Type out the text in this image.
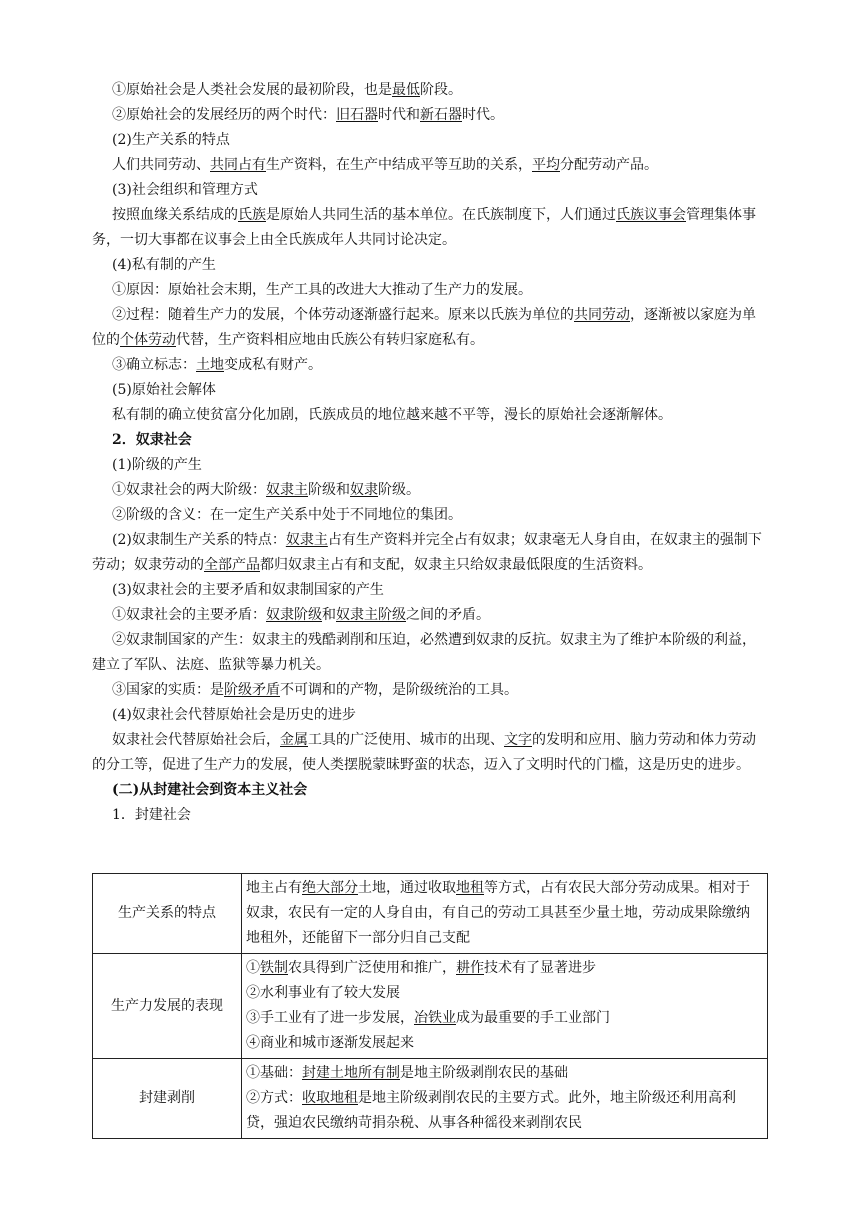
①原始社会是人类社会发展的最初阶段，也是最低阶段。

②原始社会的发展经历的两个时代：旧石器时代和新石器时代。

(2)生产关系的特点

人们共同劳动、共同占有生产资料，在生产中结成平等互助的关系，平均分配劳动产品。

(3)社会组织和管理方式

按照血缘关系结成的氏族是原始人共同生活的基本单位。在氏族制度下，人们通过氏族议事会管理集体事务，一切大事都在议事会上由全氏族成年人共同讨论决定。

(4)私有制的产生

①原因：原始社会末期，生产工具的改进大大推动了生产力的发展。

②过程：随着生产力的发展，个体劳动逐渐盛行起来。原来以氏族为单位的共同劳动，逐渐被以家庭为单位的个体劳动代替，生产资料相应地由氏族公有转归家庭私有。

③确立标志：土地变成私有财产。

(5)原始社会解体

私有制的确立使贫富分化加剧，氏族成员的地位越来越不平等，漫长的原始社会逐渐解体。

2．奴隶社会

(1)阶级的产生

①奴隶社会的两大阶级：奴隶主阶级和奴隶阶级。

②阶级的含义：在一定生产关系中处于不同地位的集团。

(2)奴隶制生产关系的特点：奴隶主占有生产资料并完全占有奴隶；奴隶毫无人身自由，在奴隶主的强制下劳动；奴隶劳动的全部产品都归奴隶主占有和支配，奴隶主只给奴隶最低限度的生活资料。

(3)奴隶社会的主要矛盾和奴隶制国家的产生

①奴隶社会的主要矛盾：奴隶阶级和奴隶主阶级之间的矛盾。

②奴隶制国家的产生：奴隶主的残酷剥削和压迫，必然遭到奴隶的反抗。奴隶主为了维护本阶级的利益，建立了军队、法庭、监狱等暴力机关。

③国家的实质：是阶级矛盾不可调和的产物，是阶级统治的工具。

(4)奴隶社会代替原始社会是历史的进步

奴隶社会代替原始社会后，金属工具的广泛使用、城市的出现、文字的发明和应用、脑力劳动和体力劳动的分工等，促进了生产力的发展，使人类摆脱蒙昧野蛮的状态，迈入了文明时代的门槛，这是历史的进步。

(二)从封建社会到资本主义社会

1．封建社会

生产关系的特点	地主占有绝大部分土地，通过收取地租等方式，占有农民大部分劳动成果。相对于奴隶，农民有一定的人身自由，有自己的劳动工具甚至少量土地，劳动成果除缴纳地租外，还能留下一部分归自己支配

生产力发展的表现	①铁制农具得到广泛使用和推广，耕作技术有了显著进步
②水利事业有了较大发展
③手工业有了进一步发展，冶铁业成为最重要的手工业部门
④商业和城市逐渐发展起来

封建剥削	①基础：封建土地所有制是地主阶级剥削农民的基础
②方式：收取地租是地主阶级剥削农民的主要方式。此外，地主阶级还利用高利贷，强迫农民缴纳苛捐杂税、从事各种徭役来剥削农民
